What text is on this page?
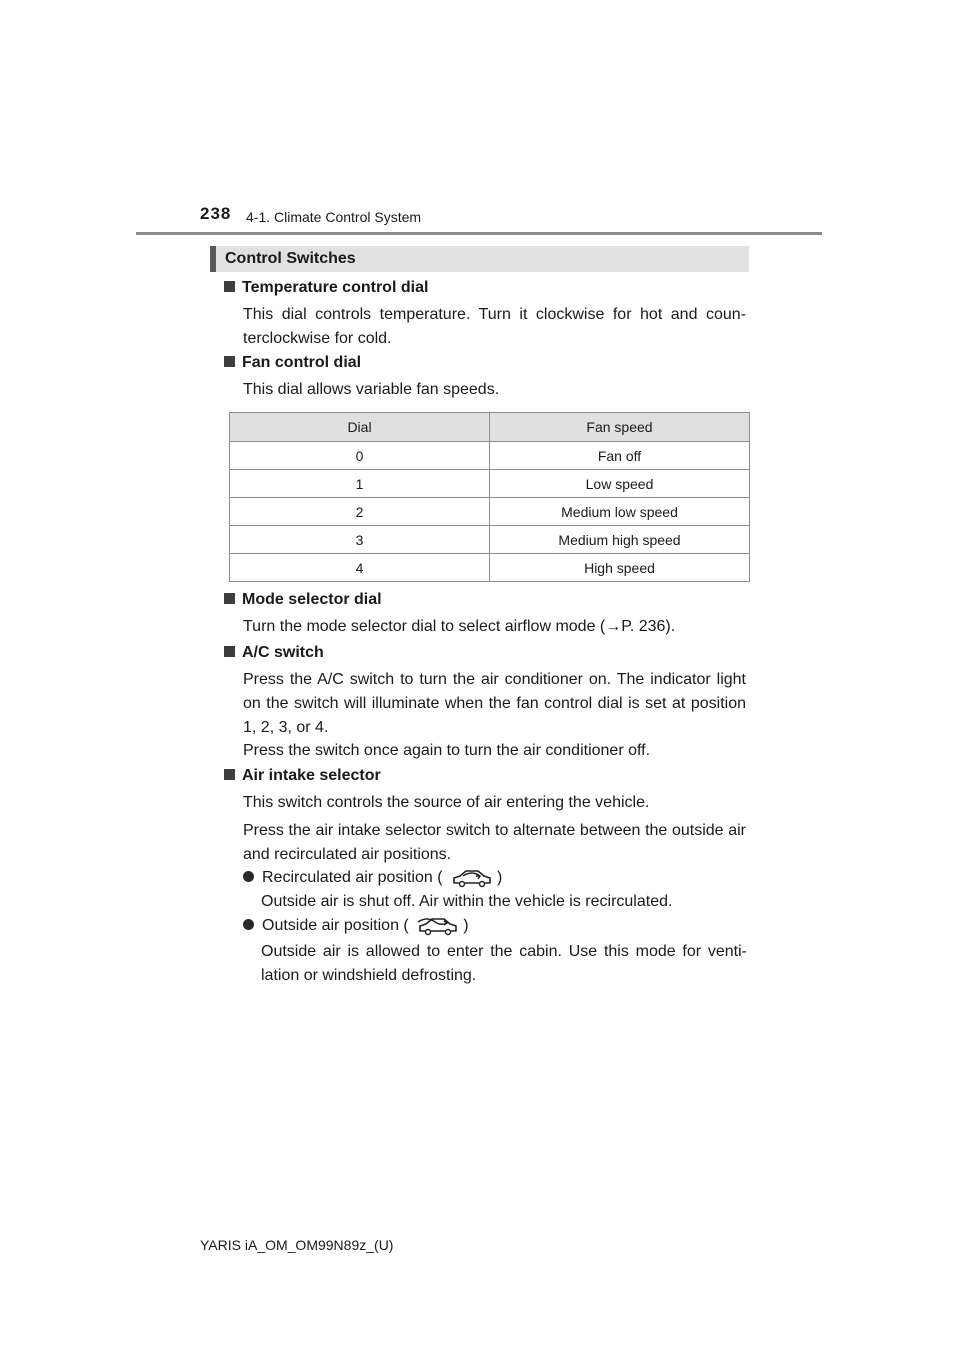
238 4-1. Climate Control System
Control Switches
Temperature control dial
This dial controls temperature. Turn it clockwise for hot and coun-terclockwise for cold.
Fan control dial
This dial allows variable fan speeds.
Dial	Fan speed
0	Fan off
1	Low speed
2	Medium low speed
3	Medium high speed
4	High speed
Mode selector dial
Turn the mode selector dial to select airflow mode (→P. 236).
A/C switch
Press the A/C switch to turn the air conditioner on. The indicator light on the switch will illuminate when the fan control dial is set at position 1, 2, 3, or 4.
Press the switch once again to turn the air conditioner off.
Air intake selector
This switch controls the source of air entering the vehicle.
Press the air intake selector switch to alternate between the outside air and recirculated air positions.
Recirculated air position (	)
Outside air is shut off. Air within the vehicle is recirculated.
Outside air position (	)
Outside air is allowed to enter the cabin. Use this mode for venti-lation or windshield defrosting.
YARIS iA_OM_OM99N89z_(U)
